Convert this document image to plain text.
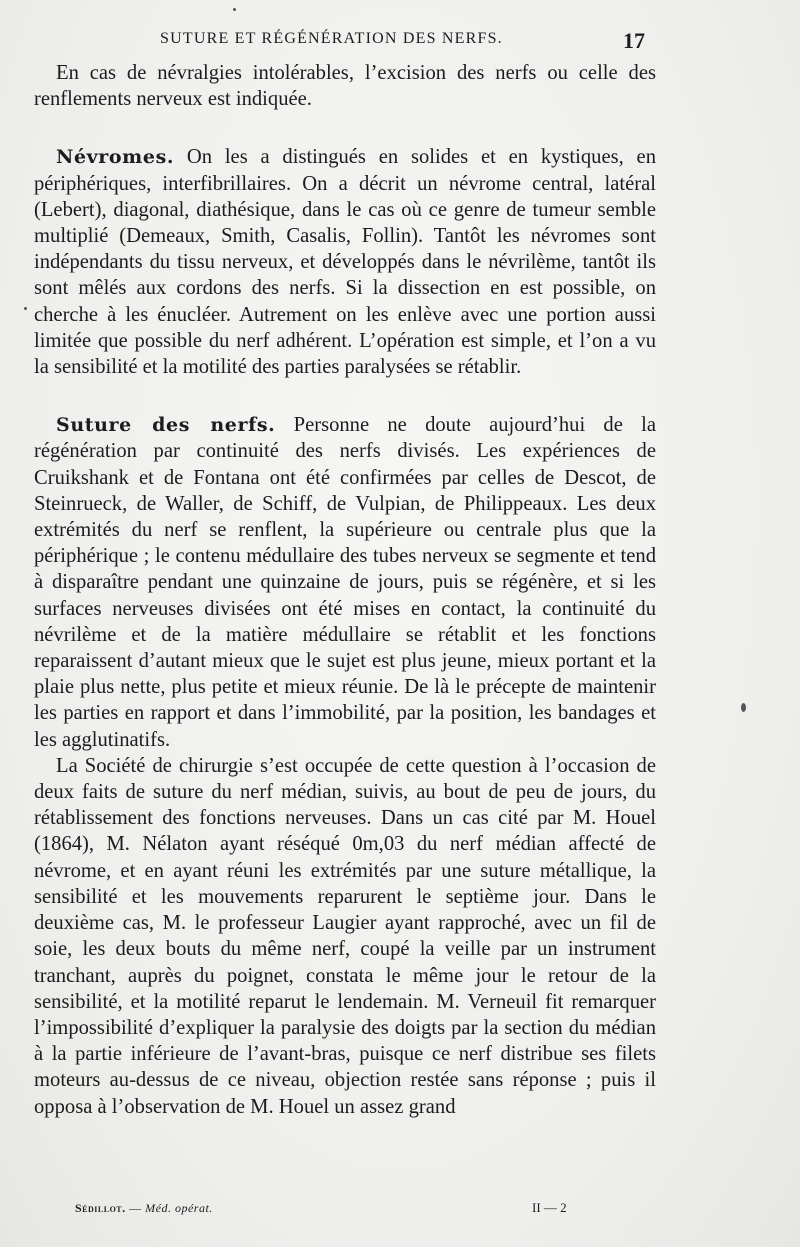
SUTURE ET RÉGÉNÉRATION DES NERFS.	17

En cas de névralgies intolérables, l’excision des nerfs ou celle des renflements nerveux est indiquée.

Névromes. On les a distingués en solides et en kystiques, en périphériques, interfibrillaires. On a décrit un névrome central, latéral (Lebert), diagonal, diathésique, dans le cas où ce genre de tumeur semble multiplié (Demeaux, Smith, Casalis, Follin). Tantôt les névromes sont indépendants du tissu nerveux, et développés dans le névrilème, tantôt ils sont mêlés aux cordons des nerfs. Si la dissection en est possible, on cherche à les énucléer. Autrement on les enlève avec une portion aussi limitée que possible du nerf adhérent. L’opération est simple, et l’on a vu la sensibilité et la motilité des parties paralysées se rétablir.

Suture des nerfs. Personne ne doute aujourd’hui de la régénération par continuité des nerfs divisés. Les expériences de Cruikshank et de Fontana ont été confirmées par celles de Descot, de Steinrueck, de Waller, de Schiff, de Vulpian, de Philippeaux. Les deux extrémités du nerf se renflent, la supérieure ou centrale plus que la périphérique ; le contenu médullaire des tubes nerveux se segmente et tend à disparaître pendant une quinzaine de jours, puis se régénère, et si les surfaces nerveuses divisées ont été mises en contact, la continuité du névrilème et de la matière médullaire se rétablit et les fonctions reparaissent d’autant mieux que le sujet est plus jeune, mieux portant et la plaie plus nette, plus petite et mieux réunie. De là le précepte de maintenir les parties en rapport et dans l’immobilité, par la position, les bandages et les agglutinatifs.

La Société de chirurgie s’est occupée de cette question à l’occasion de deux faits de suture du nerf médian, suivis, au bout de peu de jours, du rétablissement des fonctions nerveuses. Dans un cas cité par M. Houel (1864), M. Nélaton ayant réséqué 0m,03 du nerf médian affecté de névrome, et en ayant réuni les extrémités par une suture métallique, la sensibilité et les mouvements reparurent le septième jour. Dans le deuxième cas, M. le professeur Laugier ayant rapproché, avec un fil de soie, les deux bouts du même nerf, coupé la veille par un instrument tranchant, auprès du poignet, constata le même jour le retour de la sensibilité, et la motilité reparut le lendemain. M. Verneuil fit remarquer l’impossibilité d’expliquer la paralysie des doigts par la section du médian à la partie inférieure de l’avant-bras, puisque ce nerf distribue ses filets moteurs au-dessus de ce niveau, objection restée sans réponse ; puis il opposa à l’observation de M. Houel un assez grand

Sédillot. — Méd. opérat.	II — 2
